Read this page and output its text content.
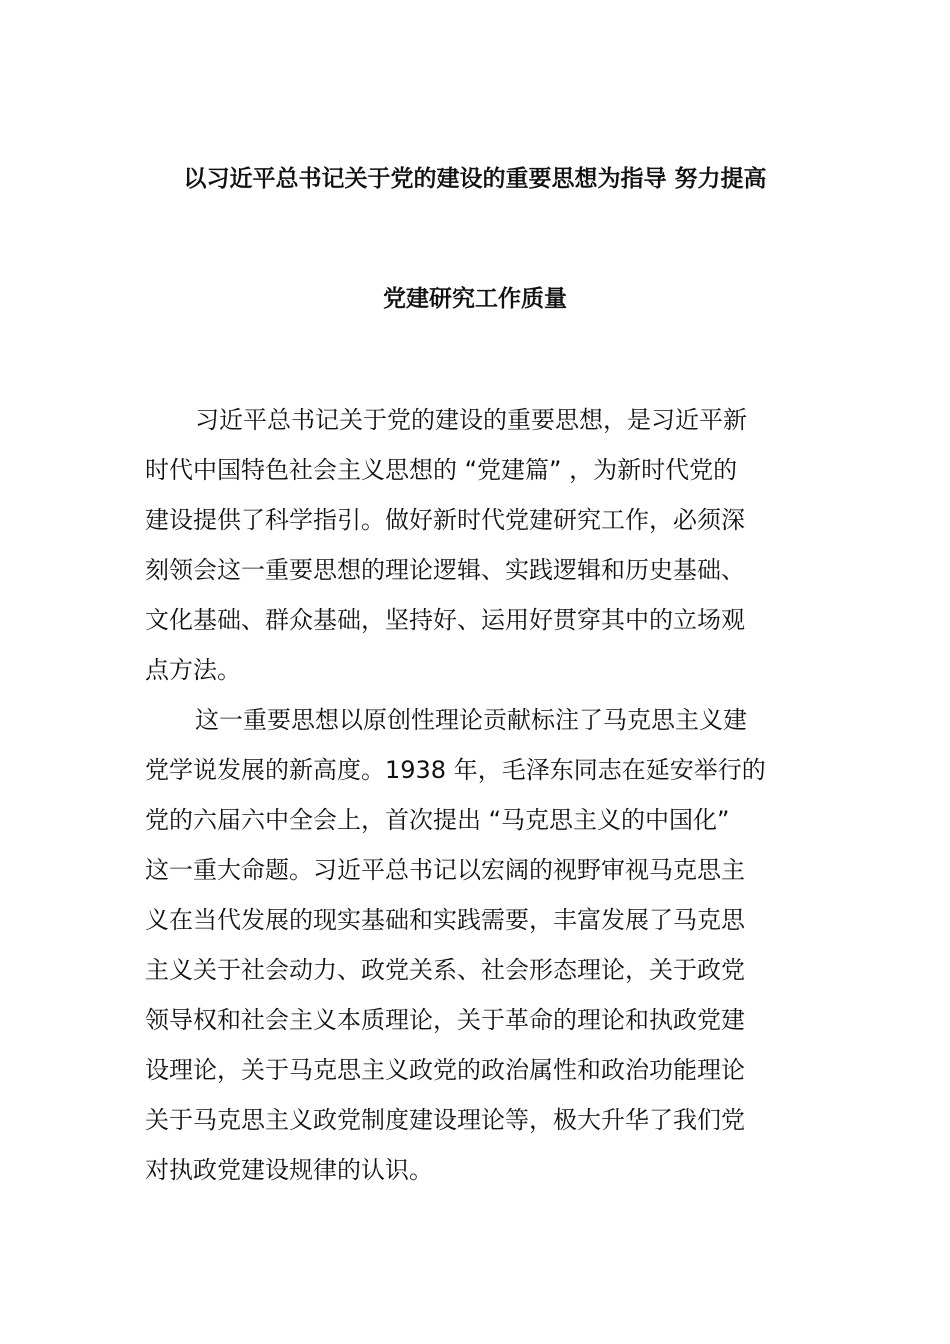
以习近平总书记关于党的建设的重要思想为指导 努力提高
党建研究工作质量
习近平总书记关于党的建设的重要思想，是习近平新
时代中国特色社会主义思想的 “党建篇” ，为新时代党的
建设提供了科学指引。做好新时代党建研究工作，必须深
刻领会这一重要思想的理论逻辑、实践逻辑和历史基础、
文化基础、群众基础，坚持好、运用好贯穿其中的立场观
点方法。
这一重要思想以原创性理论贡献标注了马克思主义建
党学说发展的新高度。1938 年，毛泽东同志在延安举行的
党的六届六中全会上，首次提出 “马克思主义的中国化”
这一重大命题。习近平总书记以宏阔的视野审视马克思主
义在当代发展的现实基础和实践需要，丰富发展了马克思
主义关于社会动力、政党关系、社会形态理论，关于政党
领导权和社会主义本质理论，关于革命的理论和执政党建
设理论，关于马克思主义政党的政治属性和政治功能理论
关于马克思主义政党制度建设理论等，极大升华了我们党
对执政党建设规律的认识。
